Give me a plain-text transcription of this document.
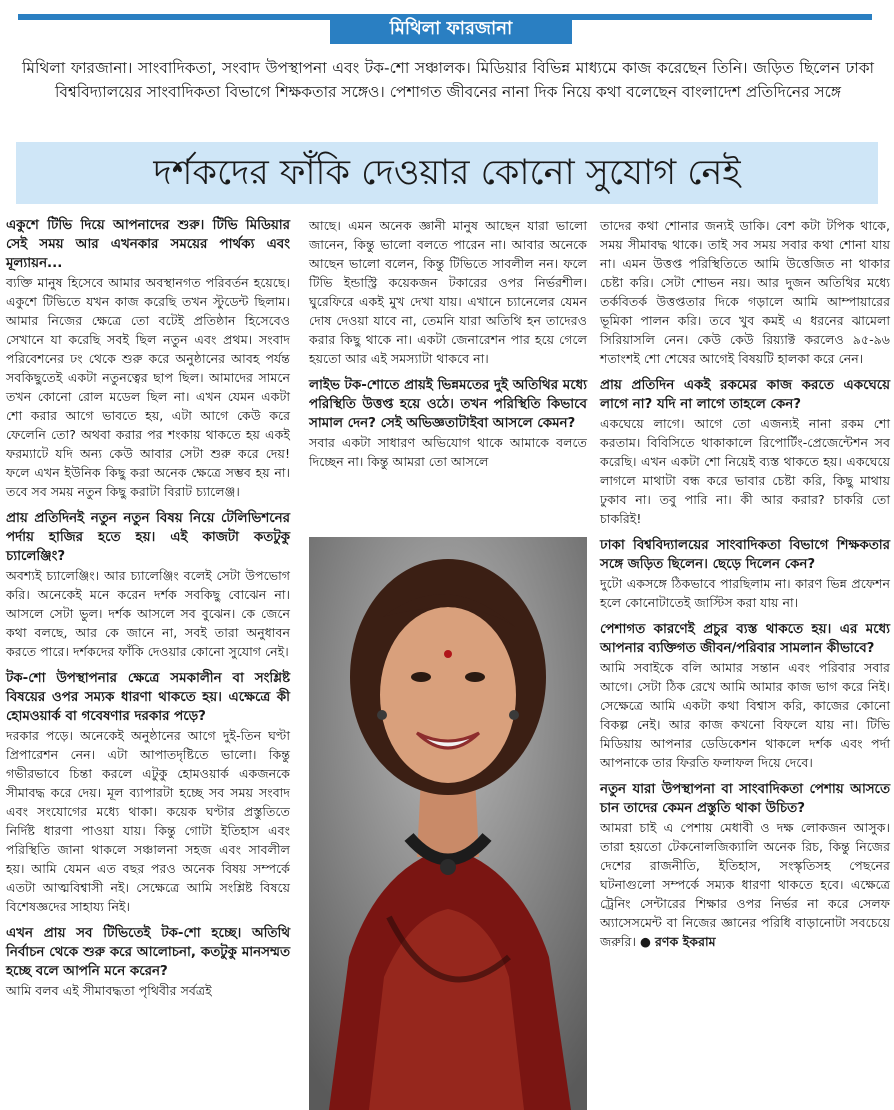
মিথিলা ফারজানা
মিথিলা ফারজানা। সাংবাদিকতা, সংবাদ উপস্থাপনা এবং টক-শো সঞ্চালক। মিডিয়ার বিভিন্ন মাধ্যমে কাজ করেছেন তিনি। জড়িত ছিলেন ঢাকা বিশ্ববিদ্যালয়ের সাংবাদিকতা বিভাগে শিক্ষকতার সঙ্গেও। পেশাগত জীবনের নানা দিক নিয়ে কথা বলেছেন বাংলাদেশ প্রতিদিনের সঙ্গে
দর্শকদের ফাঁকি দেওয়ার কোনো সুযোগ নেই

একুশে টিভি দিয়ে আপনাদের শুরু। টিভি মিডিয়ার সেই সময় আর এখনকার সময়ের পার্থক্য এবং মূল্যায়ন...

ব্যক্তি মানুষ হিসেবে আমার অবস্থানগত পরিবর্তন হয়েছে। একুশে টিভিতে যখন কাজ করেছি তখন স্টুডেন্ট ছিলাম। আমার নিজের ক্ষেত্রে তো বটেই প্রতিষ্ঠান হিসেবেও সেখানে যা করেছি সবই ছিল নতুন এবং প্রথম। সংবাদ পরিবেশনের ঢং থেকে শুরু করে অনুষ্ঠানের আবহ পর্যন্ত সবকিছুতেই একটা নতুনত্বের ছাপ ছিল। আমাদের সামনে তখন কোনো রোল মডেল ছিল না। এখন যেমন একটা শো করার আগে ভাবতে হয়, এটা আগে কেউ করে ফেলেনি তো? অথবা করার পর শংকায় থাকতে হয় একই ফরম্যাটে যদি অন্য কেউ আবার সেটা শুরু করে দেয়! ফলে এখন ইউনিক কিছু করা অনেক ক্ষেত্রে সম্ভব হয় না। তবে সব সময় নতুন কিছু করাটা বিরাট চ্যালেঞ্জ।

প্রায় প্রতিদিনই নতুন নতুন বিষয় নিয়ে টেলিভিশনের পর্দায় হাজির হতে হয়। এই কাজটা কতটুকু চ্যালেঞ্জিং?

অবশ্যই চ্যালেঞ্জিং। আর চ্যালেঞ্জিং বলেই সেটা উপভোগ করি। অনেকেই মনে করেন দর্শক সবকিছু বোঝেন না। আসলে সেটা ভুল। দর্শক আসলে সব বুঝেন। কে জেনে কথা বলছে, আর কে জানে না, সবই তারা অনুধাবন করতে পারে। দর্শকদের ফাঁকি দেওয়ার কোনো সুযোগ নেই।

টক-শো উপস্থাপনার ক্ষেত্রে সমকালীন বা সংশ্লিষ্ট বিষয়ের ওপর সম্যক ধারণা থাকতে হয়। এক্ষেত্রে কী হোমওয়ার্ক বা গবেষণার দরকার পড়ে?

দরকার পড়ে। অনেকেই অনুষ্ঠানের আগে দুই-তিন ঘণ্টা প্রিপারেশন নেন। এটা আপাতদৃষ্টিতে ভালো। কিন্তু গভীরভাবে চিন্তা করলে এটুকু হোমওয়ার্ক একজনকে সীমাবদ্ধ করে দেয়। মূল ব্যাপারটা হচ্ছে সব সময় সংবাদ এবং সংযোগের মধ্যে থাকা। কয়েক ঘণ্টার প্রস্তুতিতে নির্দিষ্ট ধারণা পাওয়া যায়। কিন্তু গোটা ইতিহাস এবং পরিস্থিতি জানা থাকলে সঞ্চালনা সহজ এবং সাবলীল হয়। আমি যেমন এত বছর পরও অনেক বিষয় সম্পর্কে এতটা আত্মবিশ্বাসী নই। সেক্ষেত্রে আমি সংশ্লিষ্ট বিষয়ে বিশেষজ্ঞদের সাহায্য নিই।

এখন প্রায় সব টিভিতেই টক-শো হচ্ছে। অতিথি নির্বাচন থেকে শুরু করে আলোচনা, কতটুকু মানসম্মত হচ্ছে বলে আপনি মনে করেন?

আমি বলব এই সীমাবদ্ধতা পৃথিবীর সর্বত্রই

আছে। এমন অনেক জ্ঞানী মানুষ আছেন যারা ভালো জানেন, কিন্তু ভালো বলতে পারেন না। আবার অনেকে আছেন ভালো বলেন, কিন্তু টিভিতে সাবলীল নন। ফলে টিভি ইন্ডাস্ট্রি কয়েকজন টকারের ওপর নির্ভরশীল। ঘুরেফিরে একই মুখ দেখা যায়। এখানে চ্যানেলের যেমন দোষ দেওয়া যাবে না, তেমনি যারা অতিথি হন তাদেরও করার কিছু থাকে না। একটা জেনারেশন পার হয়ে গেলে হয়তো আর এই সমস্যাটা থাকবে না।

লাইভ টক-শোতে প্রায়ই ভিন্নমতের দুই অতিথির মধ্যে পরিস্থিতি উত্তপ্ত হয়ে ওঠে। তখন পরিস্থিতি কিভাবে সামাল দেন? সেই অভিজ্ঞতাটাইবা আসলে কেমন?

সবার একটা সাধারণ অভিযোগ থাকে আমাকে বলতে দিচ্ছেন না। কিন্তু আমরা তো আসলে

তাদের কথা শোনার জন্যই ডাকি। বেশ কটা টপিক থাকে, সময় সীমাবদ্ধ থাকে। তাই সব সময় সবার কথা শোনা যায় না। এমন উত্তপ্ত পরিস্থিতিতে আমি উত্তেজিত না থাকার চেষ্টা করি। সেটা শোভন নয়। আর দুজন অতিথির মধ্যে তর্কবিতর্ক উত্তপ্ততার দিকে গড়ালে আমি আম্পায়ারের ভূমিকা পালন করি। তবে খুব কমই এ ধরনের ঝামেলা সিরিয়াসলি নেন। কেউ কেউ রিয়্যাক্ট করলেও ৯৫-৯৬ শতাংশই শো শেষের আগেই বিষয়টি হালকা করে নেন।

প্রায় প্রতিদিন একই রকমের কাজ করতে একঘেয়ে লাগে না? যদি না লাগে তাহলে কেন?

একঘেয়ে লাগে। আগে তো এজন্যই নানা রকম শো করতাম। বিবিসিতে থাকাকালে রিপোর্টিং-প্রেজেন্টেশন সব করেছি। এখন একটা শো নিয়েই ব্যস্ত থাকতে হয়। একঘেয়ে লাগলে মাথাটা বন্ধ করে ভাবার চেষ্টা করি, কিছু মাথায় ঢুকাব না। তবু পারি না। কী আর করার? চাকরি তো চাকরিই!

ঢাকা বিশ্ববিদ্যালয়ের সাংবাদিকতা বিভাগে শিক্ষকতার সঙ্গে জড়িত ছিলেন। ছেড়ে দিলেন কেন?

দুটো একসঙ্গে ঠিকভাবে পারছিলাম না। কারণ ভিন্ন প্রফেশন হলে কোনোটাতেই জাস্টিস করা যায় না।

পেশাগত কারণেই প্রচুর ব্যস্ত থাকতে হয়। এর মধ্যে আপনার ব্যক্তিগত জীবন/পরিবার সামলান কীভাবে?

আমি সবাইকে বলি আমার সন্তান এবং পরিবার সবার আগে। সেটা ঠিক রেখে আমি আমার কাজ ভাগ করে নিই। সেক্ষেত্রে আমি একটা কথা বিশ্বাস করি, কাজের কোনো বিকল্প নেই। আর কাজ কখনো বিফলে যায় না। টিভি মিডিয়ায় আপনার ডেডিকেশন থাকলে দর্শক এবং পর্দা আপনাকে তার ফিরতি ফলাফল দিয়ে দেবে।

নতুন যারা উপস্থাপনা বা সাংবাদিকতা পেশায় আসতে চান তাদের কেমন প্রস্তুতি থাকা উচিত?

আমরা চাই এ পেশায় মেধাবী ও দক্ষ লোকজন আসুক। তারা হয়তো টেকনোলজিক্যালি অনেক রিচ, কিন্তু নিজের দেশের রাজনীতি, ইতিহাস, সংস্কৃতিসহ পেছনের ঘটনাগুলো সম্পর্কে সম্যক ধারণা থাকতে হবে। এক্ষেত্রে ট্রেনিং সেন্টারের শিক্ষার ওপর নির্ভর না করে সেলফ অ্যাসেসমেন্ট বা নিজের জ্ঞানের পরিধি বাড়ানোটা সবচেয়ে জরুরি। ● রণক ইকরাম
